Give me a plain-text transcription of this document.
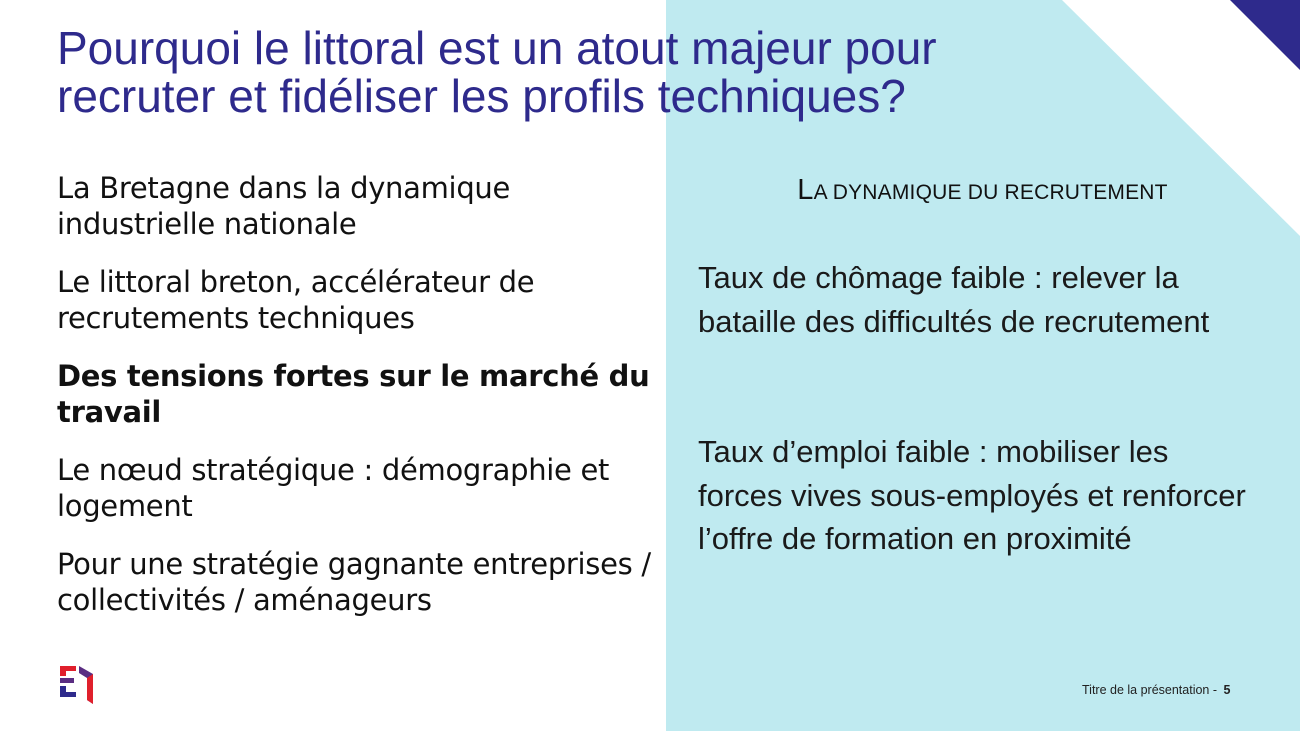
Pourquoi le littoral est un atout majeur pour
recruter et fidéliser les profils techniques?
La Bretagne dans la dynamique industrielle nationale
Le littoral breton, accélérateur de recrutements techniques
Des tensions fortes sur le marché du travail
Le nœud stratégique : démographie et logement
Pour une stratégie gagnante entreprises / collectivités / aménageurs
LA DYNAMIQUE DU RECRUTEMENT
Taux de chômage faible : relever la bataille des difficultés de recrutement
Taux d’emploi faible : mobiliser les forces vives sous-employés et renforcer l’offre de formation en proximité
Titre de la présentation - 5
